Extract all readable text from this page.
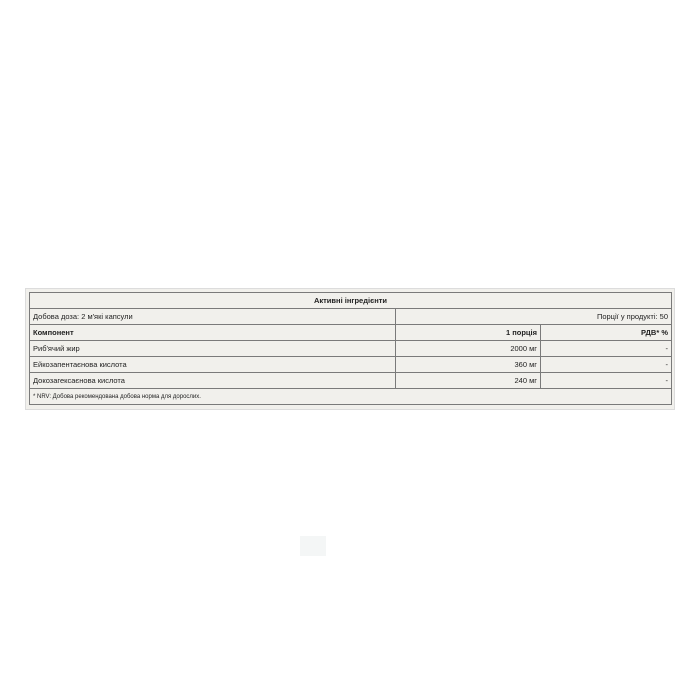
Активні інгредієнти		
Добова доза: 2 м'які капсули	Порції у продукті: 50	
Компонент	1 порція	РДВ* %
Риб'ячий жир	2000 мг	-
Ейкозапентаєнова кислота	360 мг	-
Докозагексаєнова кислота	240 мг	-
* NRV: Добова рекомендована добова норма для дорослих.		
